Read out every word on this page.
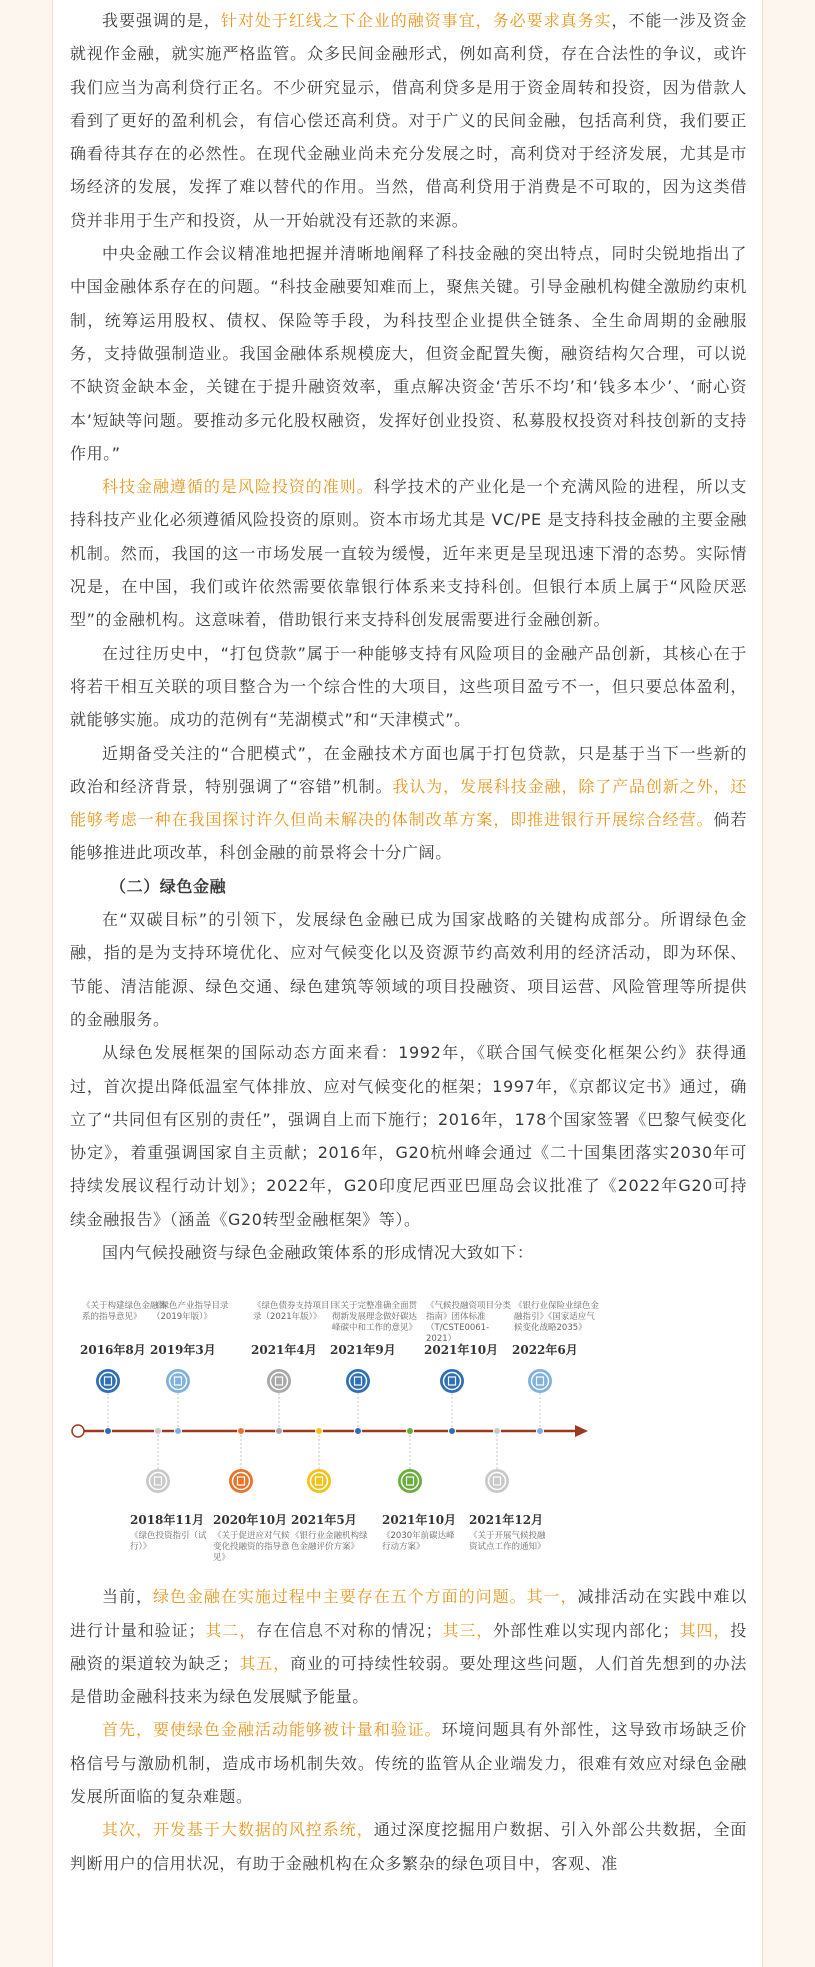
我要强调的是，针对处于红线之下企业的融资事宜，务必要求真务实，不能一涉及资金就视作金融，就实施严格监管。众多民间金融形式，例如高利贷，存在合法性的争议，或许我们应当为高利贷行正名。不少研究显示，借高利贷多是用于资金周转和投资，因为借款人看到了更好的盈利机会，有信心偿还高利贷。对于广义的民间金融，包括高利贷，我们要正确看待其存在的必然性。在现代金融业尚未充分发展之时，高利贷对于经济发展，尤其是市场经济的发展，发挥了难以替代的作用。当然，借高利贷用于消费是不可取的，因为这类借贷并非用于生产和投资，从一开始就没有还款的来源。

中央金融工作会议精准地把握并清晰地阐释了科技金融的突出特点，同时尖锐地指出了中国金融体系存在的问题。“科技金融要知难而上，聚焦关键。引导金融机构健全激励约束机制，统筹运用股权、债权、保险等手段，为科技型企业提供全链条、全生命周期的金融服务，支持做强制造业。我国金融体系规模庞大，但资金配置失衡，融资结构欠合理，可以说不缺资金缺本金，关键在于提升融资效率，重点解决资金‘苦乐不均’和‘钱多本少’、‘耐心资本’短缺等问题。要推动多元化股权融资，发挥好创业投资、私募股权投资对科技创新的支持作用。”

科技金融遵循的是风险投资的准则。科学技术的产业化是一个充满风险的进程，所以支持科技产业化必须遵循风险投资的原则。资本市场尤其是 VC/PE 是支持科技金融的主要金融机制。然而，我国的这一市场发展一直较为缓慢，近年来更是呈现迅速下滑的态势。实际情况是，在中国，我们或许依然需要依靠银行体系来支持科创。但银行本质上属于“风险厌恶型”的金融机构。这意味着，借助银行来支持科创发展需要进行金融创新。

在过往历史中，“打包贷款”属于一种能够支持有风险项目的金融产品创新，其核心在于将若干相互关联的项目整合为一个综合性的大项目，这些项目盈亏不一，但只要总体盈利，就能够实施。成功的范例有“芜湖模式”和“天津模式”。

近期备受关注的“合肥模式”，在金融技术方面也属于打包贷款，只是基于当下一些新的政治和经济背景，特别强调了“容错”机制。我认为，发展科技金融，除了产品创新之外，还能够考虑一种在我国探讨许久但尚未解决的体制改革方案，即推进银行开展综合经营。倘若能够推进此项改革，科创金融的前景将会十分广阔。

（二）绿色金融

在“双碳目标”的引领下，发展绿色金融已成为国家战略的关键构成部分。所谓绿色金融，指的是为支持环境优化、应对气候变化以及资源节约高效利用的经济活动，即为环保、节能、清洁能源、绿色交通、绿色建筑等领域的项目投融资、项目运营、风险管理等所提供的金融服务。

从绿色发展框架的国际动态方面来看：1992年，《联合国气候变化框架公约》获得通过，首次提出降低温室气体排放、应对气候变化的框架；1997年，《京都议定书》通过，确立了“共同但有区别的责任”，强调自上而下施行；2016年，178个国家签署《巴黎气候变化协定》，着重强调国家自主贡献；2016年，G20杭州峰会通过《二十国集团落实2030年可持续发展议程行动计划》；2022年，G20印度尼西亚巴厘岛会议批准了《2022年G20可持续金融报告》（涵盖《G20转型金融框架》等）。

国内气候投融资与绿色金融政策体系的形成情况大致如下：

《关于构建绿色金融体系的指导意见》
2016年8月
《绿色产业指导目录（2019年版）》
2019年3月
《绿色债券支持项目目录（2021年版）》
2021年4月
《关于完整准确全面贯彻新发展理念做好碳达峰碳中和工作的意见》
2021年9月
《气候投融资项目分类指南》团体标准（T/CSTE0061-2021）
2021年10月
《银行业保险业绿色金融指引》《国家适应气候变化战略2035》
2022年6月
2018年11月
《绿色投资指引（试行）》
2020年10月
《关于促进应对气候变化投融资的指导意见》
2021年5月
《银行业金融机构绿色金融评价方案》
2021年10月
《2030年前碳达峰行动方案》
2021年12月
《关于开展气候投融资试点工作的通知》

当前，绿色金融在实施过程中主要存在五个方面的问题。其一，减排活动在实践中难以进行计量和验证；其二，存在信息不对称的情况；其三，外部性难以实现内部化；其四，投融资的渠道较为缺乏；其五，商业的可持续性较弱。要处理这些问题，人们首先想到的办法是借助金融科技来为绿色发展赋予能量。

首先，要使绿色金融活动能够被计量和验证。环境问题具有外部性，这导致市场缺乏价格信号与激励机制，造成市场机制失效。传统的监管从企业端发力，很难有效应对绿色金融发展所面临的复杂难题。

其次，开发基于大数据的风控系统，通过深度挖掘用户数据、引入外部公共数据，全面判断用户的信用状况，有助于金融机构在众多繁杂的绿色项目中，客观、准
